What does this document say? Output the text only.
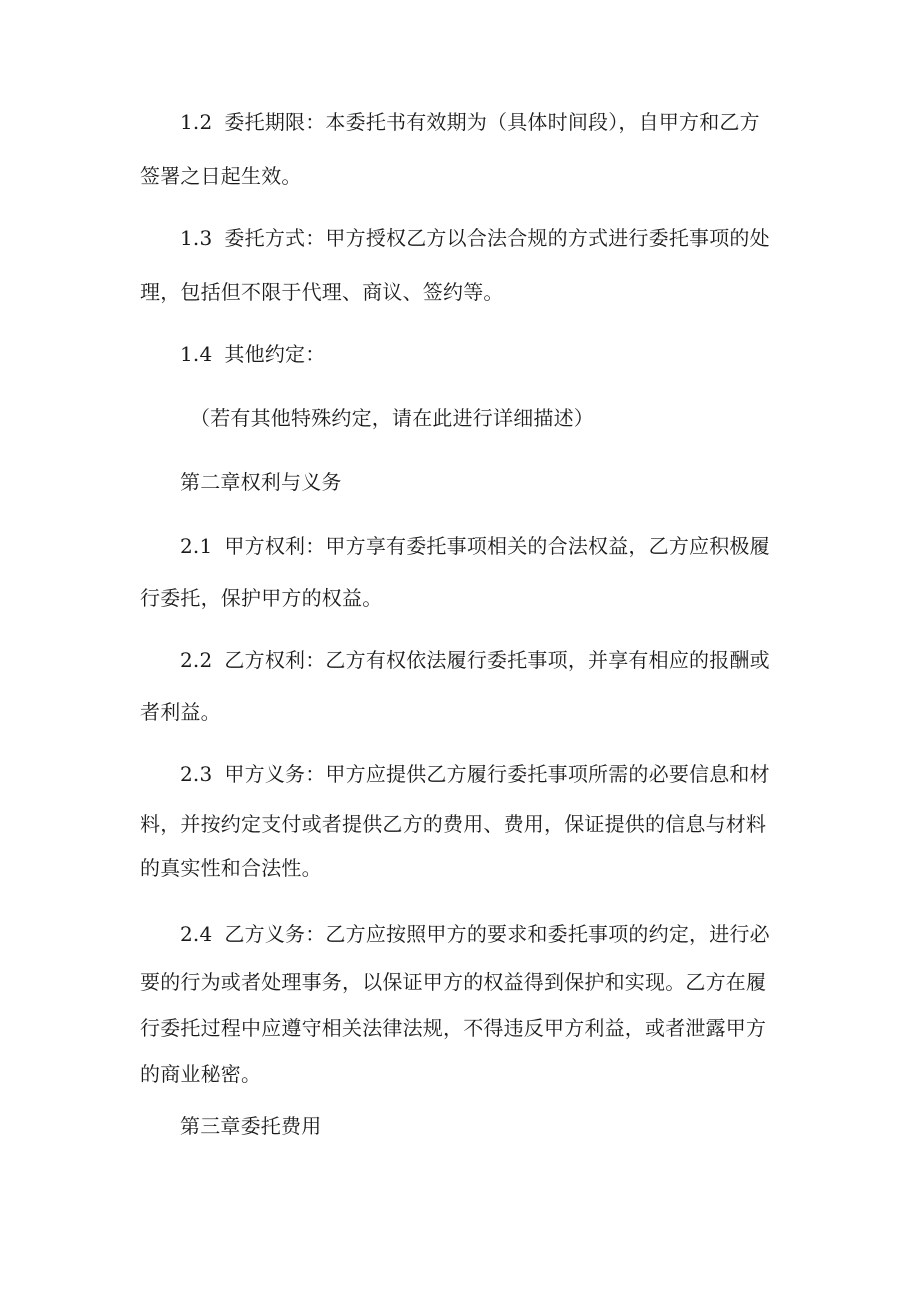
1.2 委托期限：本委托书有效期为（具体时间段），自甲方和乙方
签署之日起生效。
1.3 委托方式：甲方授权乙方以合法合规的方式进行委托事项的处
理，包括但不限于代理、商议、签约等。
1.4 其他约定：
（若有其他特殊约定，请在此进行详细描述）
第二章权利与义务
2.1 甲方权利：甲方享有委托事项相关的合法权益，乙方应积极履
行委托，保护甲方的权益。
2.2 乙方权利：乙方有权依法履行委托事项，并享有相应的报酬或
者利益。
2.3 甲方义务：甲方应提供乙方履行委托事项所需的必要信息和材
料，并按约定支付或者提供乙方的费用、费用，保证提供的信息与材料
的真实性和合法性。
2.4 乙方义务：乙方应按照甲方的要求和委托事项的约定，进行必
要的行为或者处理事务，以保证甲方的权益得到保护和实现。乙方在履
行委托过程中应遵守相关法律法规，不得违反甲方利益，或者泄露甲方
的商业秘密。
第三章委托费用
